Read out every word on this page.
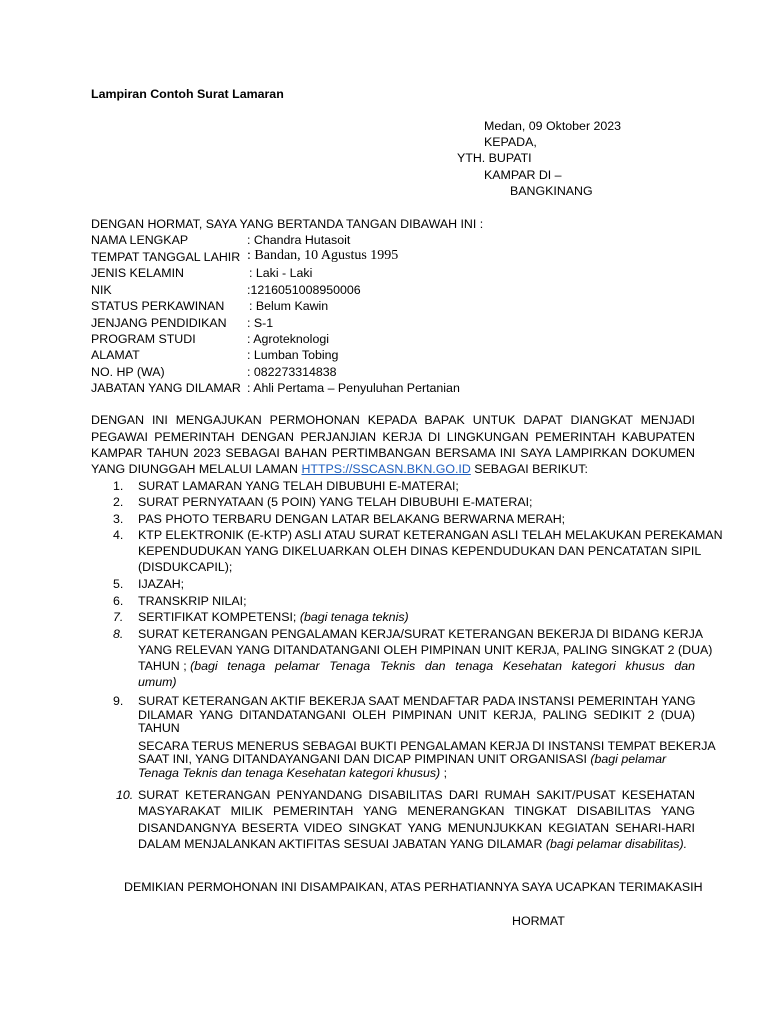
Lampiran Contoh Surat Lamaran
Medan, 09 Oktober 2023
KEPADA,
YTH. BUPATI
KAMPAR DI –
BANGKINANG
DENGAN HORMAT, SAYA YANG BERTANDA TANGAN DIBAWAH INI :
NAMA LENGKAP	: Chandra Hutasoit
TEMPAT TANGGAL LAHIR : Bandan, 10 Agustus 1995
JENIS KELAMIN	: Laki - Laki
NIK	:1216051008950006
STATUS PERKAWINAN : Belum Kawin
JENJANG PENDIDIKAN : S-1
PROGRAM STUDI	: Agroteknologi
ALAMAT	: Lumban Tobing
NO. HP (WA)	: 082273314838
JABATAN YANG DILAMAR : Ahli Pertama – Penyuluhan Pertanian
DENGAN INI MENGAJUKAN PERMOHONAN KEPADA BAPAK UNTUK DAPAT DIANGKAT MENJADI
PEGAWAI PEMERINTAH DENGAN PERJANJIAN KERJA DI LINGKUNGAN PEMERINTAH KABUPATEN
KAMPAR TAHUN 2023 SEBAGAI BAHAN PERTIMBANGAN BERSAMA INI SAYA LAMPIRKAN DOKUMEN
YANG DIUNGGAH MELALUI LAMAN HTTPS://SSCASN.BKN.GO.ID SEBAGAI BERIKUT:
1. SURAT LAMARAN YANG TELAH DIBUBUHI E-MATERAI;
2. SURAT PERNYATAAN (5 POIN) YANG TELAH DIBUBUHI E-MATERAI;
3. PAS PHOTO TERBARU DENGAN LATAR BELAKANG BERWARNA MERAH;
4. KTP ELEKTRONIK (E-KTP) ASLI ATAU SURAT KETERANGAN ASLI TELAH MELAKUKAN PEREKAMAN
KEPENDUDUKAN YANG DIKELUARKAN OLEH DINAS KEPENDUDUKAN DAN PENCATATAN SIPIL
(DISDUKCAPIL);
5. IJAZAH;
6. TRANSKRIP NILAI;
7. SERTIFIKAT KOMPETENSI; (bagi tenaga teknis)
8. SURAT KETERANGAN PENGALAMAN KERJA/SURAT KETERANGAN BEKERJA DI BIDANG KERJA
YANG RELEVAN YANG DITANDATANGANI OLEH PIMPINAN UNIT KERJA, PALING SINGKAT 2 (DUA)
TAHUN ; (bagi tenaga pelamar Tenaga Teknis dan tenaga Kesehatan kategori khusus dan
umum)
9. SURAT KETERANGAN AKTIF BEKERJA SAAT MENDAFTAR PADA INSTANSI PEMERINTAH YANG
DILAMAR YANG DITANDATANGANI OLEH PIMPINAN UNIT KERJA, PALING SEDIKIT 2 (DUA)
TAHUN
SECARA TERUS MENERUS SEBAGAI BUKTI PENGALAMAN KERJA DI INSTANSI TEMPAT BEKERJA
SAAT INI, YANG DITANDAYANGANI DAN DICAP PIMPINAN UNIT ORGANISASI (bagi pelamar
Tenaga Teknis dan tenaga Kesehatan kategori khusus) ;
10. SURAT KETERANGAN PENYANDANG DISABILITAS DARI RUMAH SAKIT/PUSAT KESEHATAN
MASYARAKAT MILIK PEMERINTAH YANG MENERANGKAN TINGKAT DISABILITAS YANG
DISANDANGNYA BESERTA VIDEO SINGKAT YANG MENUNJUKKAN KEGIATAN SEHARI-HARI
DALAM MENJALANKAN AKTIFITAS SESUAI JABATAN YANG DILAMAR (bagi pelamar disabilitas).
DEMIKIAN PERMOHONAN INI DISAMPAIKAN, ATAS PERHATIANNYA SAYA UCAPKAN TERIMAKASIH
HORMAT
